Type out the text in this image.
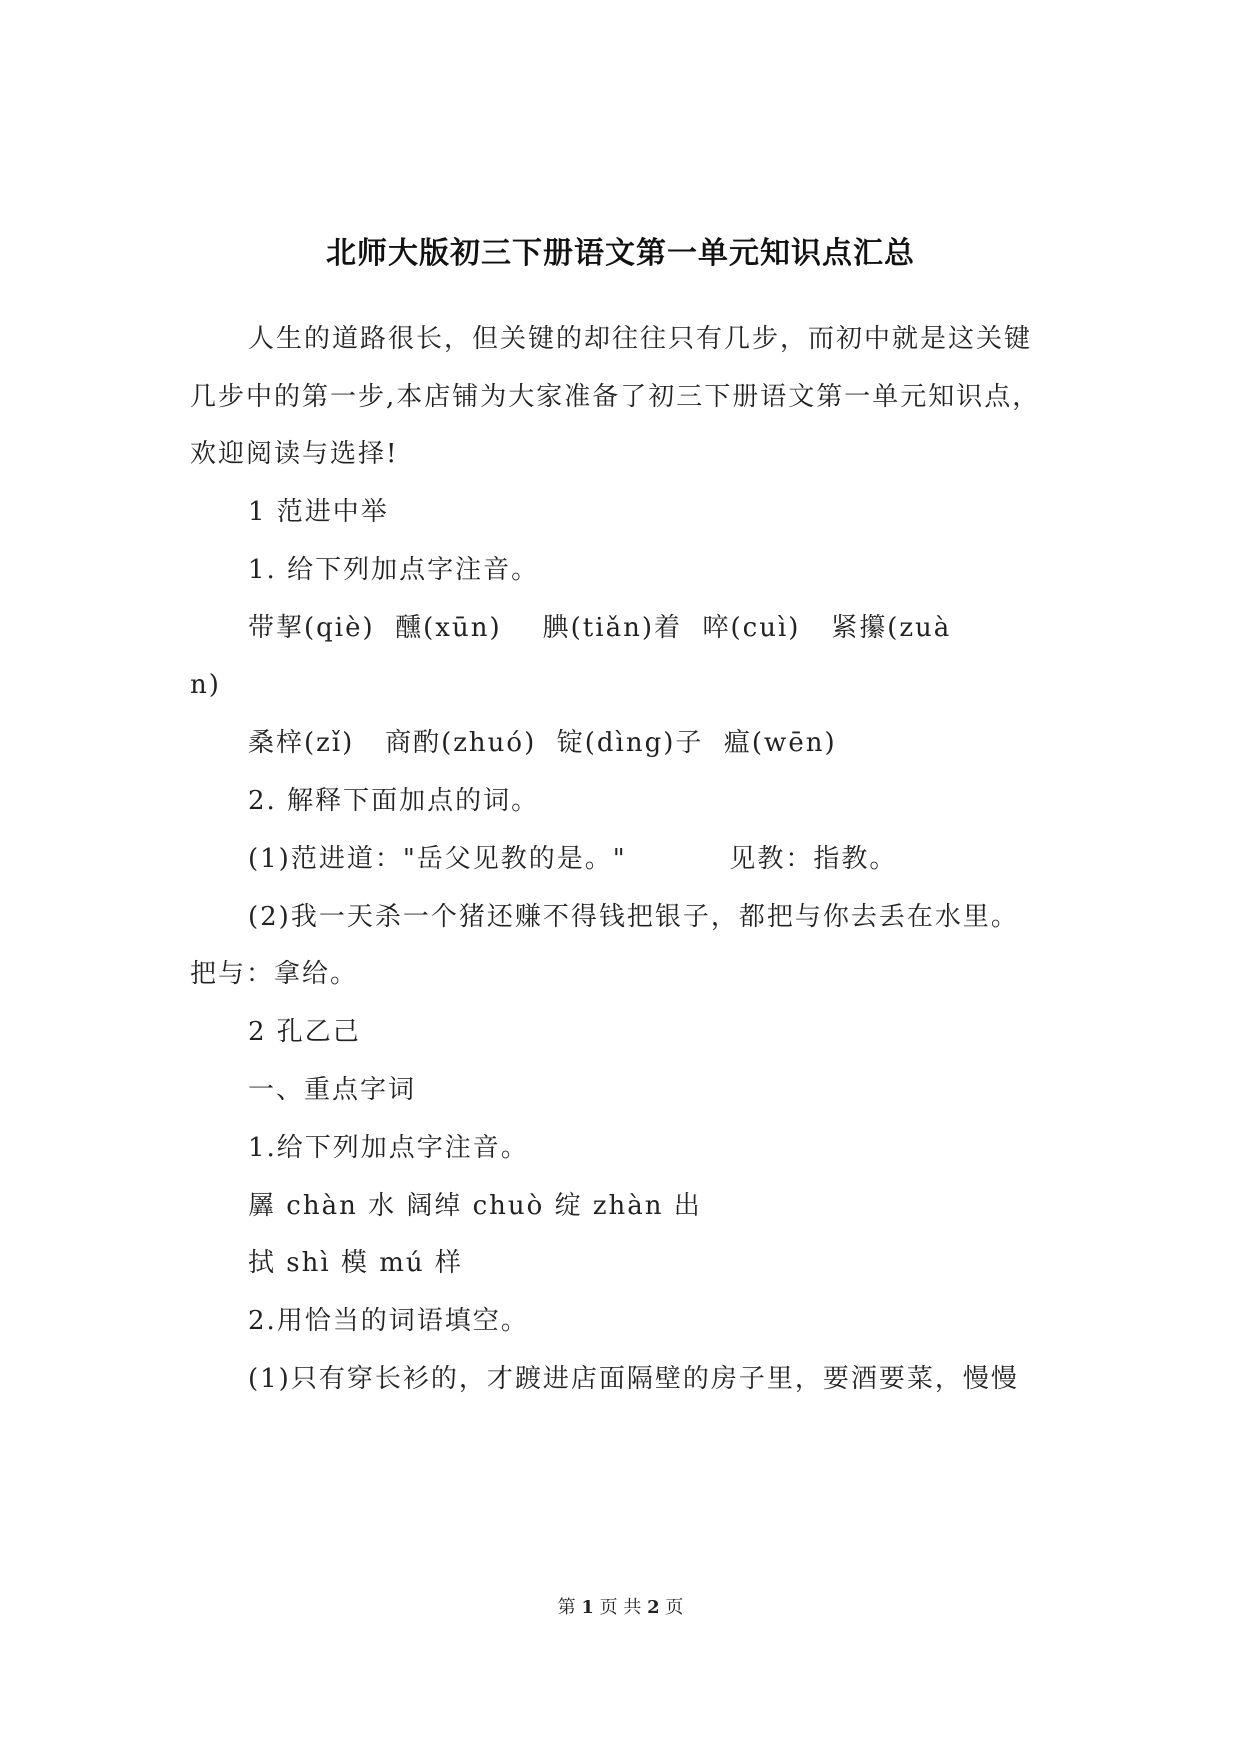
北师大版初三下册语文第一单元知识点汇总
人生的道路很长，但关键的却往往只有几步，而初中就是这关键
几步中的第一步,本店铺为大家准备了初三下册语文第一单元知识点，
欢迎阅读与选择!
1 范进中举
1. 给下列加点字注音。
带挈(qiè)  醺(xūn)    腆(tiǎn)着  啐(cuì)   紧攥(zuà
n)
桑梓(zǐ)   商酌(zhuó)  锭(dìng)子  瘟(wēn)
2. 解释下面加点的词。
(1)范进道："岳父见教的是。"          见教：指教。
(2)我一天杀一个猪还赚不得钱把银子，都把与你去丢在水里。
把与：拿给。
2 孔乙己
一、重点字词
1.给下列加点字注音。
羼 chàn 水 阔绰 chuò 绽 zhàn 出
拭 shì 模 mú 样
2.用恰当的词语填空。
(1)只有穿长衫的，才踱进店面隔壁的房子里，要酒要菜，慢慢
第 1 页 共 2 页
